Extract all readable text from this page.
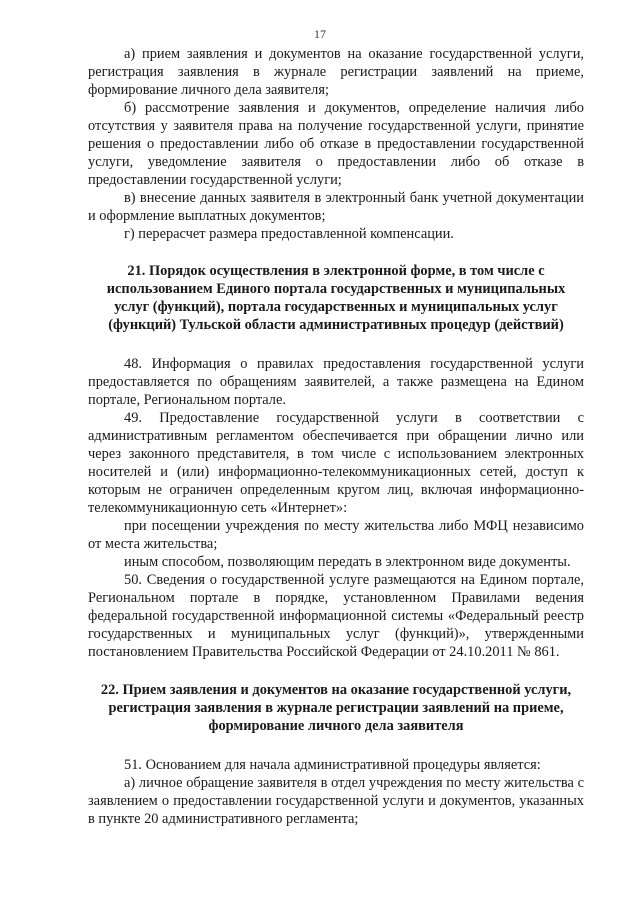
17

а) прием заявления и документов на оказание государственной услуги, регистрация заявления в журнале регистрации заявлений на приеме, формирование личного дела заявителя;

б) рассмотрение заявления и документов, определение наличия либо отсутствия у заявителя права на получение государственной услуги, принятие решения о предоставлении либо об отказе в предоставлении государственной услуги, уведомление заявителя о предоставлении либо об отказе в предоставлении государственной услуги;

в) внесение данных заявителя в электронный банк учетной документации и оформление выплатных документов;

г) перерасчет размера предоставленной компенсации.

21. Порядок осуществления в электронной форме, в том числе с использованием Единого портала государственных и муниципальных услуг (функций), портала государственных и муниципальных услуг (функций) Тульской области административных процедур (действий)

48. Информация о правилах предоставления государственной услуги предоставляется по обращениям заявителей, а также размещена на Едином портале, Региональном портале.

49. Предоставление государственной услуги в соответствии с административным регламентом обеспечивается при обращении лично или через законного представителя, в том числе с использованием электронных носителей и (или) информационно-телекоммуникационных сетей, доступ к которым не ограничен определенным кругом лиц, включая информационно-телекоммуникационную сеть «Интернет»:

при посещении учреждения по месту жительства либо МФЦ независимо от места жительства;

иным способом, позволяющим передать в электронном виде документы.

50. Сведения о государственной услуге размещаются на Едином портале, Региональном портале в порядке, установленном Правилами ведения федеральной государственной информационной системы «Федеральный реестр государственных и муниципальных услуг (функций)», утвержденными постановлением Правительства Российской Федерации от 24.10.2011 № 861.

22. Прием заявления и документов на оказание государственной услуги, регистрация заявления в журнале регистрации заявлений на приеме, формирование личного дела заявителя

51. Основанием для начала административной процедуры является:

а) личное обращение заявителя в отдел учреждения по месту жительства с заявлением о предоставлении государственной услуги и документов, указанных в пункте 20 административного регламента;
